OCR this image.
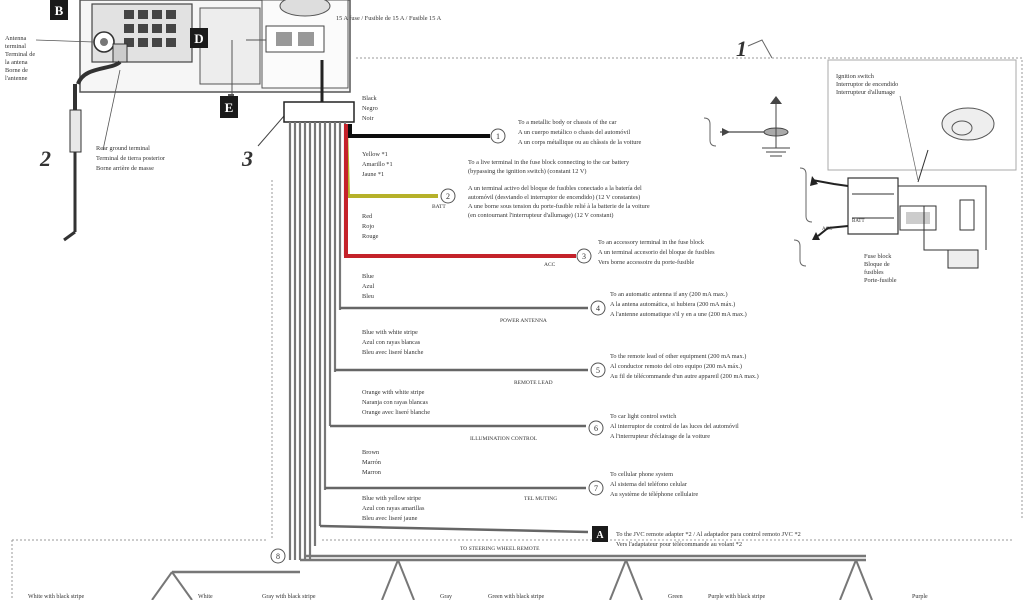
B
D
E
Antenna
terminal
Terminal de
la antena
Borne de
l'antenne
15 A fuse / Fusible de 15 A / Fusible 15 A
Rear ground terminal
Terminal de tierra posterior
Borne arrière de masse
2	3
1
Ignition switch
Interruptor de encendido
Interrupteur d'allumage
Fuse block
Bloque de
fusibles
Porte-fusible
ACC
BATT
Black
Negro
Noir
Yellow *1
Amarillo *1
Jaune *1
Red
Rojo
Rouge
Blue
Azul
Bleu
Blue with white stripe
Azul con rayas blancas
Bleu avec liseré blanche
Orange with white stripe
Naranja con rayas blancas
Orange avec liseré blanche
Brown
Marrón
Marron
Blue with yellow stripe
Azul con rayas amarillas
Bleu avec liseré jaune
BATT
ACC
POWER ANTENNA
REMOTE LEAD
ILLUMINATION CONTROL
TEL MUTING
TO STEERING WHEEL REMOTE
1
2
3
4
5
6
7
8
A
To a metallic body or chassis of the car
A un cuerpo metálico o chasis del automóvil
A un corps métallique ou au châssis de la voiture
To a live terminal in the fuse block connecting to the car battery
(bypassing the ignition switch) (constant 12 V)
A un terminal activo del bloque de fusibles conectado a la batería del
automóvil (desviando el interruptor de encendido) (12 V constantes)
A une borne sous tension du porte-fusible relié à la batterie de la voiture
(en contournant l'interrupteur d'allumage) (12 V constant)
To an accessory terminal in the fuse block
A un terminal accesorio del bloque de fusibles
Vers borne accessoire du porte-fusible
To an automatic antenna if any (200 mA max.)
A la antena automática, si hubiera (200 mA máx.)
A l'antenne automatique s'il y en a une (200 mA max.)
To the remote lead of other equipment (200 mA max.)
Al conductor remoto del otro equipo (200 mA máx.)
Au fil de télécommande d'un autre appareil (200 mA max.)
To car light control switch
Al interruptor de control de las luces del automóvil
A l'interrupteur d'éclairage de la voiture
To cellular phone system
Al sistema del teléfono celular
Au système de téléphone cellulaire
To the JVC remote adapter *2 / Al adaptador para control remoto JVC *2
Vers l'adaptateur pour télécommande au volant *2
White with black stripe	White	Gray with black stripe	Gray	Green with black stripe	Green	Purple with black stripe	Purple
